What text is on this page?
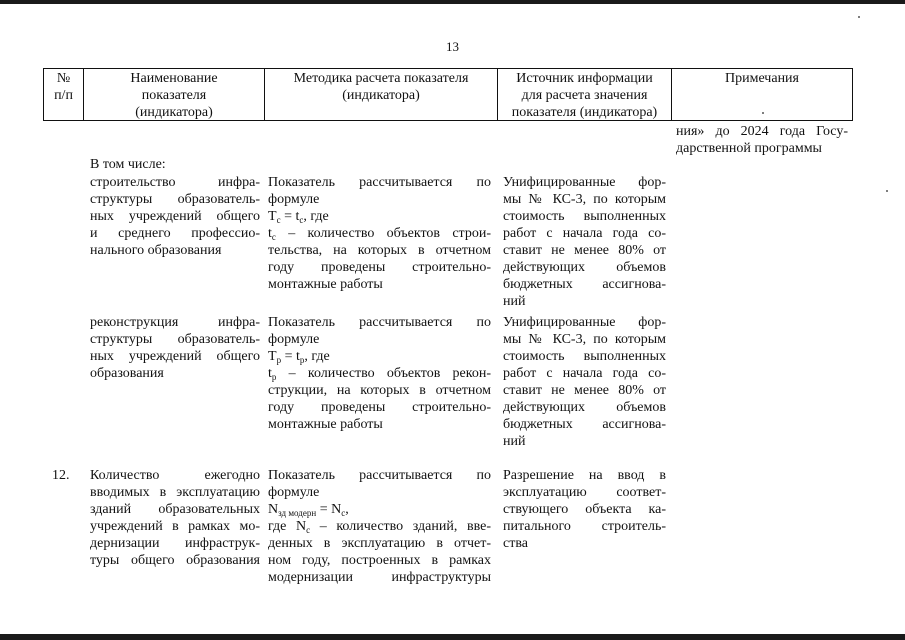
13
№
п/п
Наименование
показателя
(индикатора)
Методика расчета показателя
(индикатора)
Источник информации
для расчета значения
показателя (индикатора)
Примечания
ния» до 2024 года Госу-
дарственной программы
В том числе:
строительство инфра-
структуры образователь-
ных учреждений общего
и среднего профессио-
нального образования
Показатель рассчитывается по
формуле
$T_c = t_c$, где
$t_c$ – количество объектов строи-
тельства, на которых в отчетном
году проведены строительно-
монтажные работы
Унифицированные фор-
мы № КС-3, по которым
стоимость выполненных
работ с начала года со-
ставит не менее 80% от
действующих объемов
бюджетных ассигнова-
ний
реконструкция инфра-
структуры образователь-
ных учреждений общего
образования
Показатель рассчитывается по
формуле
$T_р = t_р$, где
$t_р$ – количество объектов рекон-
струкции, на которых в отчетном
году проведены строительно-
монтажные работы
Унифицированные фор-
мы № КС-3, по которым
стоимость выполненных
работ с начала года со-
ставит не менее 80% от
действующих объемов
бюджетных ассигнова-
ний
12. Количество ежегодно
вводимых в эксплуатацию
зданий образовательных
учреждений в рамках мо-
дернизации инфраструк-
туры общего образования
Показатель рассчитывается по
формуле
$N_{зд модерн} = N_c$,
где $N_c$ – количество зданий, вве-
денных в эксплуатацию в отчет-
ном году, построенных в рамках
модернизации инфраструктуры
Разрешение на ввод в
эксплуатацию соответ-
ствующего объекта ка-
питального строитель-
ства
